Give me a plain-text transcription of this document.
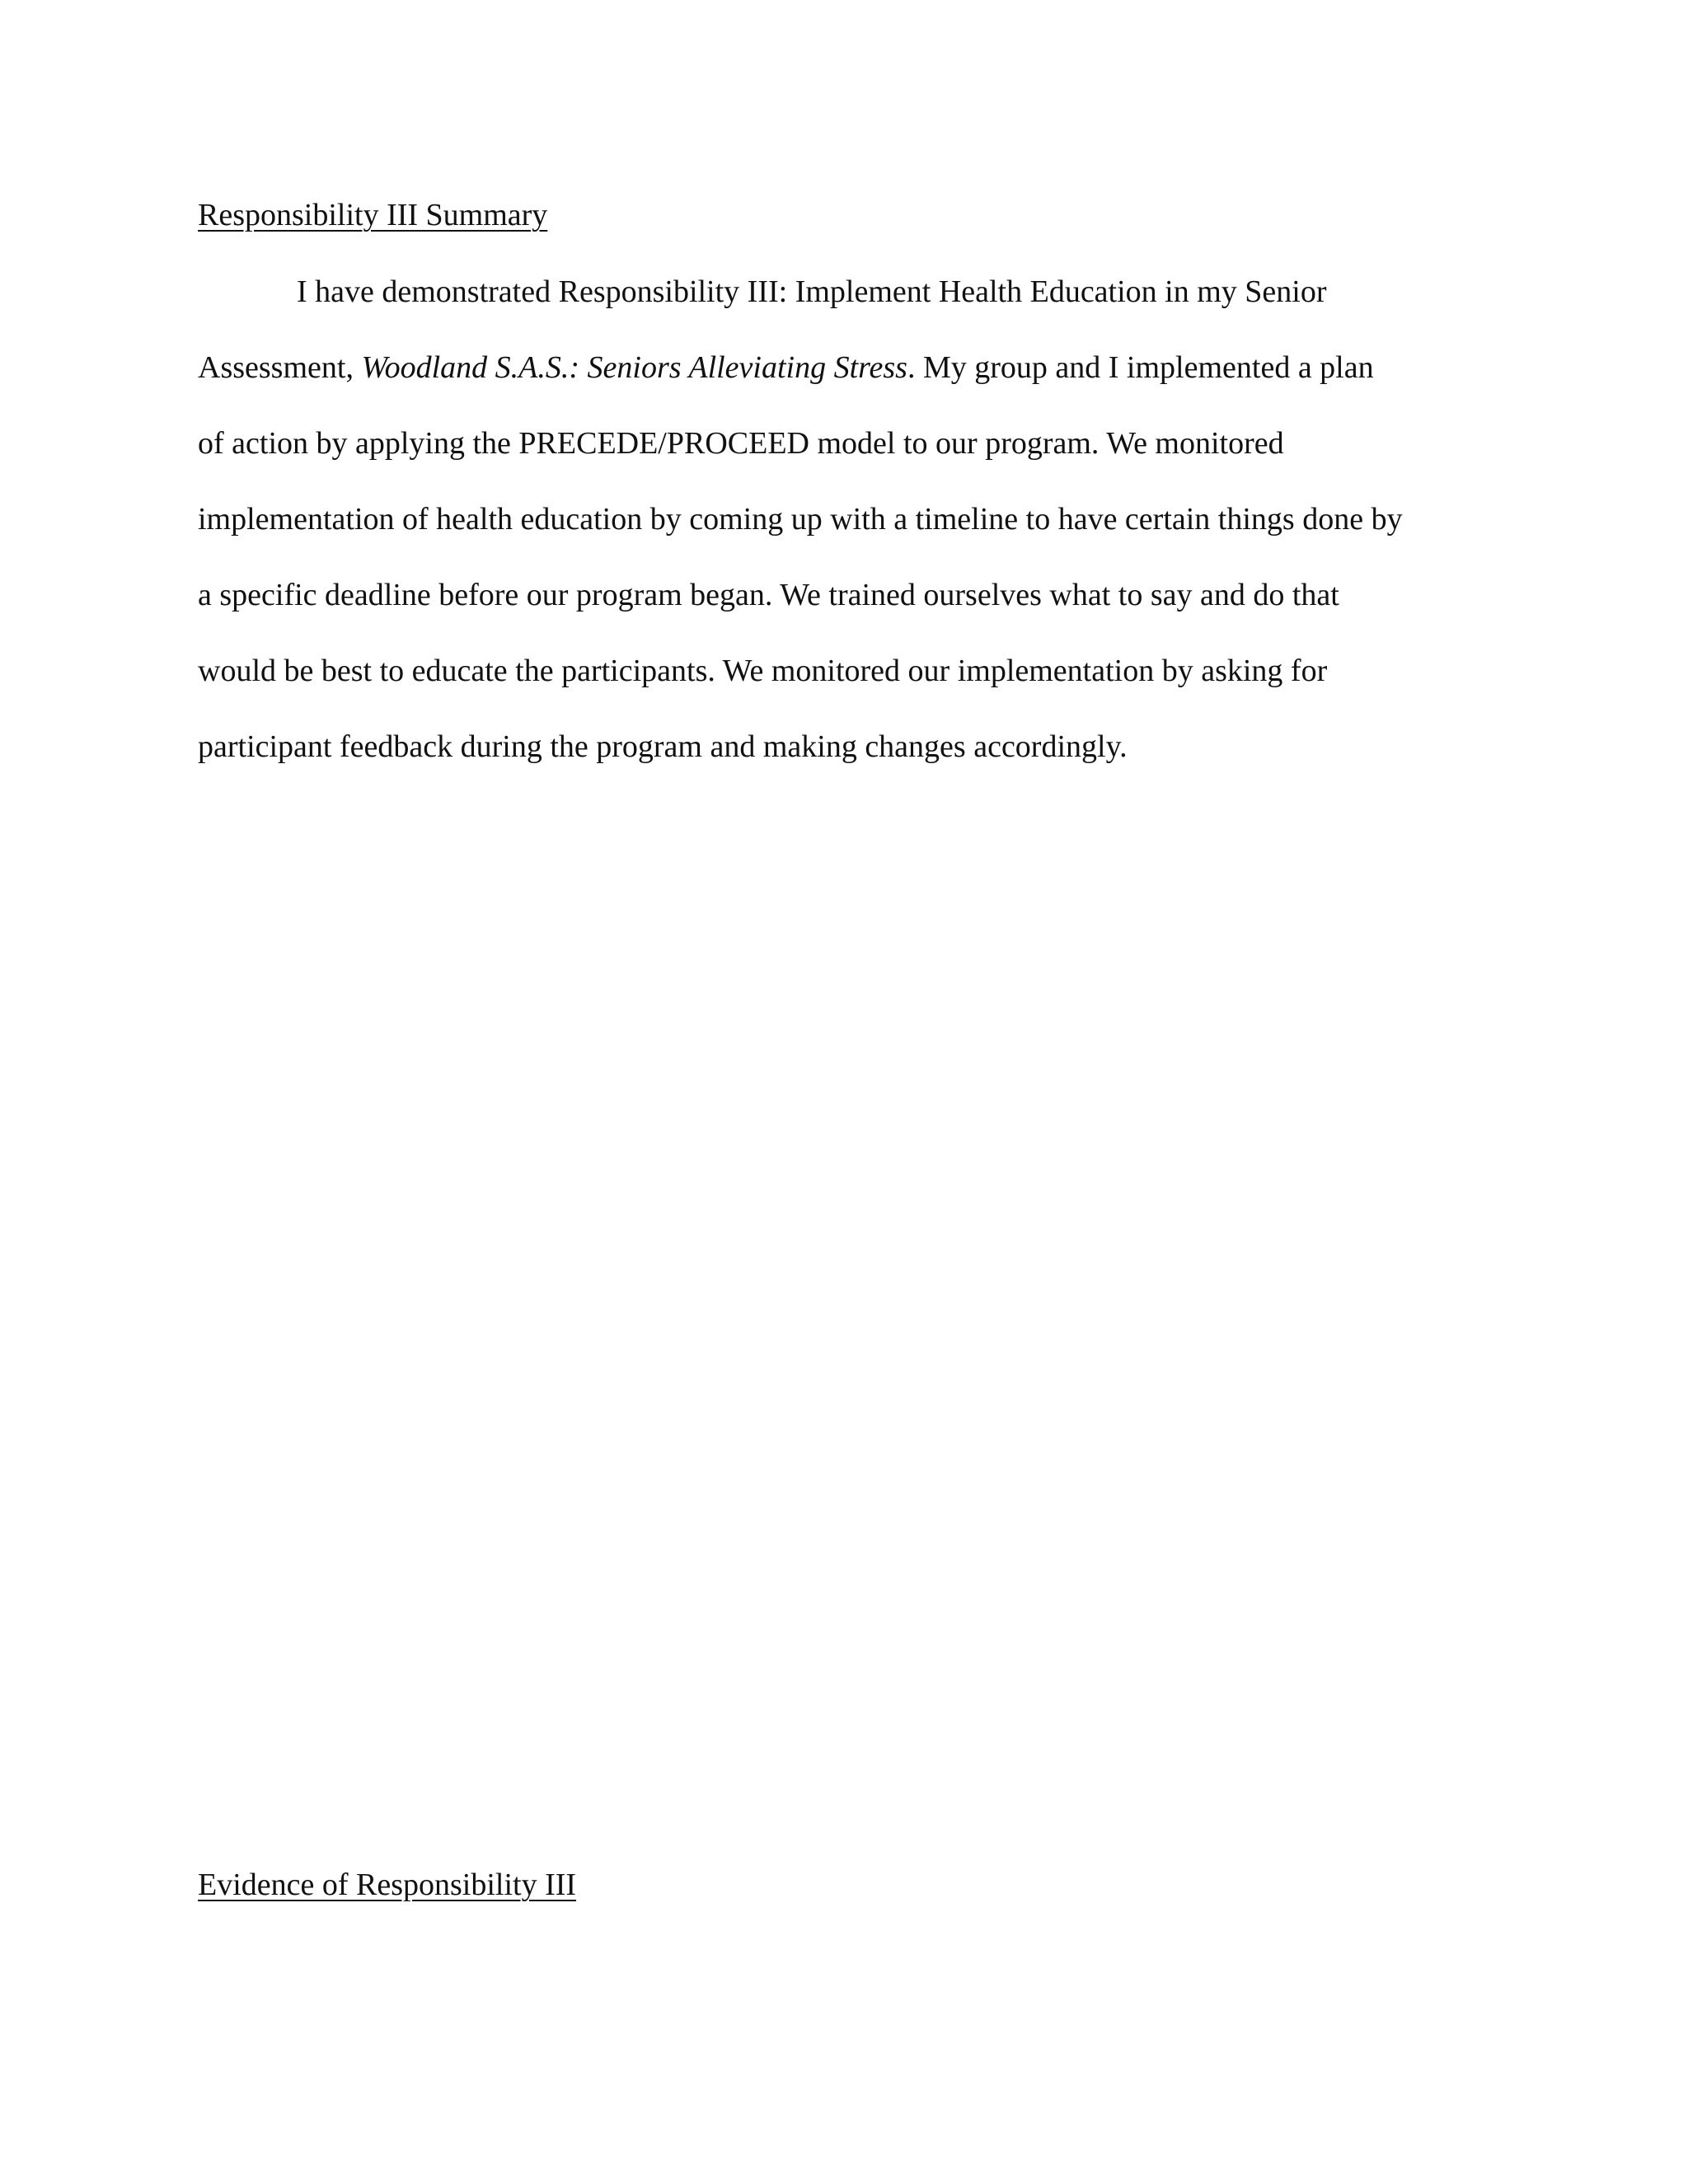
Responsibility III Summary

I have demonstrated Responsibility III: Implement Health Education in my Senior
Assessment, Woodland S.A.S.: Seniors Alleviating Stress. My group and I implemented a plan
of action by applying the PRECEDE/PROCEED model to our program. We monitored
implementation of health education by coming up with a timeline to have certain things done by
a specific deadline before our program began. We trained ourselves what to say and do that
would be best to educate the participants. We monitored our implementation by asking for
participant feedback during the program and making changes accordingly.

Evidence of Responsibility III
